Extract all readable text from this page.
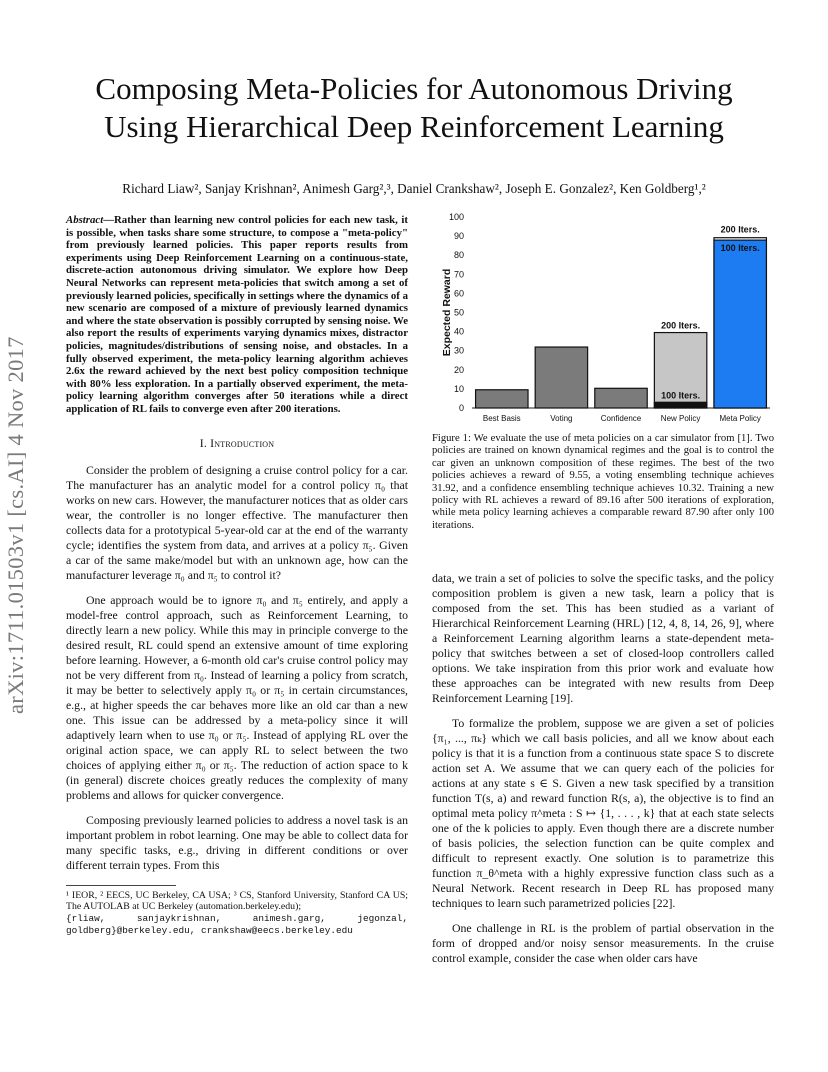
Composing Meta-Policies for Autonomous Driving
Using Hierarchical Deep Reinforcement Learning
Richard Liaw², Sanjay Krishnan², Animesh Garg²,³, Daniel Crankshaw², Joseph E. Gonzalez², Ken Goldberg¹,²
arXiv:1711.01503v1 [cs.AI] 4 Nov 2017

Abstract—Rather than learning new control policies for each new task, it is possible, when tasks share some structure, to compose a "meta-policy" from previously learned policies. This paper reports results from experiments using Deep Reinforcement Learning on a continuous-state, discrete-action autonomous driving simulator. We explore how Deep Neural Networks can represent meta-policies that switch among a set of previously learned policies, specifically in settings where the dynamics of a new scenario are composed of a mixture of previously learned dynamics and where the state observation is possibly corrupted by sensing noise. We also report the results of experiments varying dynamics mixes, distractor policies, magnitudes/distributions of sensing noise, and obstacles. In a fully observed experiment, the meta-policy learning algorithm achieves 2.6x the reward achieved by the next best policy composition technique with 80% less exploration. In a partially observed experiment, the meta-policy learning algorithm converges after 50 iterations while a direct application of RL fails to converge even after 200 iterations.

I. Introduction

Consider the problem of designing a cruise control policy for a car. The manufacturer has an analytic model for a control policy π₀ that works on new cars. However, the manufacturer notices that as older cars wear, the controller is no longer effective. The manufacturer then collects data for a prototypical 5-year-old car at the end of the warranty cycle; identifies the system from data, and arrives at a policy π₅. Given a car of the same make/model but with an unknown age, how can the manufacturer leverage π₀ and π₅ to control it?

One approach would be to ignore π₀ and π₅ entirely, and apply a model-free control approach, such as Reinforcement Learning, to directly learn a new policy. While this may in principle converge to the desired result, RL could spend an extensive amount of time exploring before learning. However, a 6-month old car's cruise control policy may not be very different from π₀. Instead of learning a policy from scratch, it may be better to selectively apply π₀ or π₅ in certain circumstances, e.g., at higher speeds the car behaves more like an old car than a new one. This issue can be addressed by a meta-policy since it will adaptively learn when to use π₀ or π₅. Instead of applying RL over the original action space, we can apply RL to select between the two choices of applying either π₀ or π₅. The reduction of action space to k (in general) discrete choices greatly reduces the complexity of many problems and allows for quicker convergence.

Composing previously learned policies to address a novel task is an important problem in robot learning. One may be able to collect data for many specific tasks, e.g., driving in different conditions or over different terrain types. From this

¹ IEOR, ² EECS, UC Berkeley, CA USA; ³ CS, Stanford University, Stanford CA US; The AUTOLAB at UC Berkeley (automation.berkeley.edu);
{rliaw, sanjaykrishnan, animesh.garg, jegonzal, goldberg}@berkeley.edu, crankshaw@eecs.berkeley.edu
0
10
20
30
40
50
60
70
80
90
100
Expected Reward
Best Basis	Voting	Confidence New Policy Meta Policy
200 Iters.
100 Iters.
200 Iters.
100 Iters.
Figure 1: We evaluate the use of meta policies on a car simulator from [1]. Two policies are trained on known dynamical regimes and the goal is to control the car given an unknown composition of these regimes. The best of the two policies achieves a reward of 9.55, a voting ensembling technique achieves 31.92, and a confidence ensembling technique achieves 10.32. Training a new policy with RL achieves a reward of 89.16 after 500 iterations of exploration, while meta policy learning achieves a comparable reward 87.90 after only 100 iterations.

data, we train a set of policies to solve the specific tasks, and the policy composition problem is given a new task, learn a policy that is composed from the set. This has been studied as a variant of Hierarchical Reinforcement Learning (HRL) [12, 4, 8, 14, 26, 9], where a Reinforcement Learning algorithm learns a state-dependent meta-policy that switches between a set of closed-loop controllers called options. We take inspiration from this prior work and evaluate how these approaches can be integrated with new results from Deep Reinforcement Learning [19].

To formalize the problem, suppose we are given a set of policies {π₁, ..., πₖ} which we call basis policies, and all we know about each policy is that it is a function from a continuous state space S to discrete action set A. We assume that we can query each of the policies for actions at any state s ∈ S. Given a new task specified by a transition function T(s, a) and reward function R(s, a), the objective is to find an optimal meta policy π^meta : S ↦ {1, . . . , k} that at each state selects one of the k policies to apply. Even though there are a discrete number of basis policies, the selection function can be quite complex and difficult to represent exactly. One solution is to parametrize this function π_θ^meta with a highly expressive function class such as a Neural Network. Recent research in Deep RL has proposed many techniques to learn such parametrized policies [22].

One challenge in RL is the problem of partial observation in the form of dropped and/or noisy sensor measurements. In the cruise control example, consider the case when older cars have
